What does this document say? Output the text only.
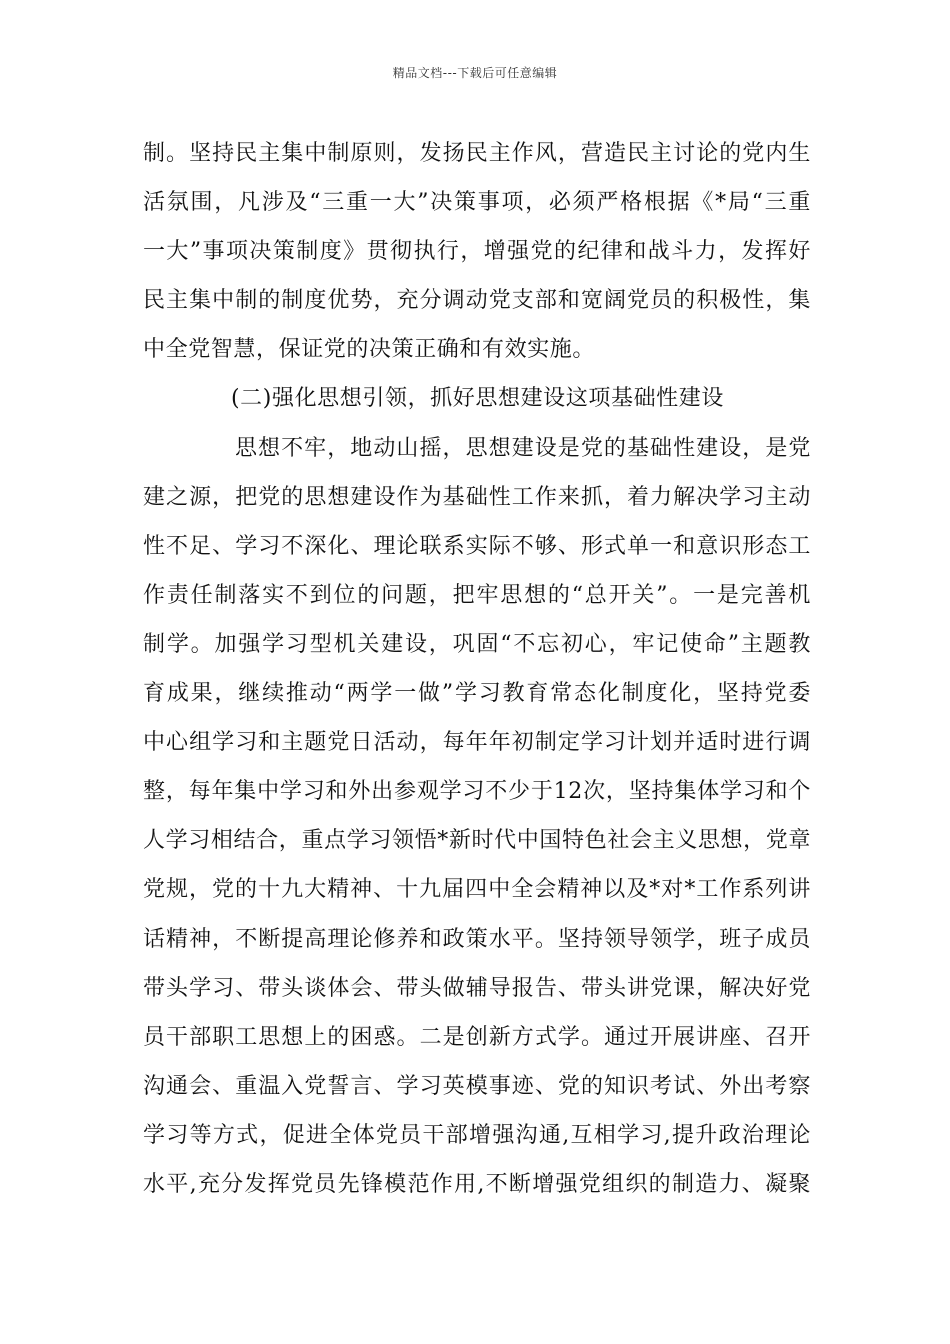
精品文档---下载后可任意编辑
制。坚持民主集中制原则，发扬民主作风，营造民主讨论的党内生
活氛围，凡涉及“三重一大”决策事项，必须严格根据《*局“三重
一大”事项决策制度》贯彻执行，增强党的纪律和战斗力，发挥好
民主集中制的制度优势，充分调动党支部和宽阔党员的积极性，集
中全党智慧，保证党的决策正确和有效实施。
(二)强化思想引领，抓好思想建设这项基础性建设
思想不牢，地动山摇，思想建设是党的基础性建设，是党
建之源，把党的思想建设作为基础性工作来抓，着力解决学习主动
性不足、学习不深化、理论联系实际不够、形式单一和意识形态工
作责任制落实不到位的问题，把牢思想的“总开关”。一是完善机
制学。加强学习型机关建设，巩固“不忘初心，牢记使命”主题教
育成果，继续推动“两学一做”学习教育常态化制度化，坚持党委
中心组学习和主题党日活动，每年年初制定学习计划并适时进行调
整，每年集中学习和外出参观学习不少于12次，坚持集体学习和个
人学习相结合，重点学习领悟*新时代中国特色社会主义思想，党章
党规，党的十九大精神、十九届四中全会精神以及*对*工作系列讲
话精神，不断提高理论修养和政策水平。坚持领导领学，班子成员
带头学习、带头谈体会、带头做辅导报告、带头讲党课，解决好党
员干部职工思想上的困惑。二是创新方式学。通过开展讲座、召开
沟通会、重温入党誓言、学习英模事迹、党的知识考试、外出考察
学习等方式，促进全体党员干部增强沟通,互相学习,提升政治理论
水平,充分发挥党员先锋模范作用,不断增强党组织的制造力、凝聚
